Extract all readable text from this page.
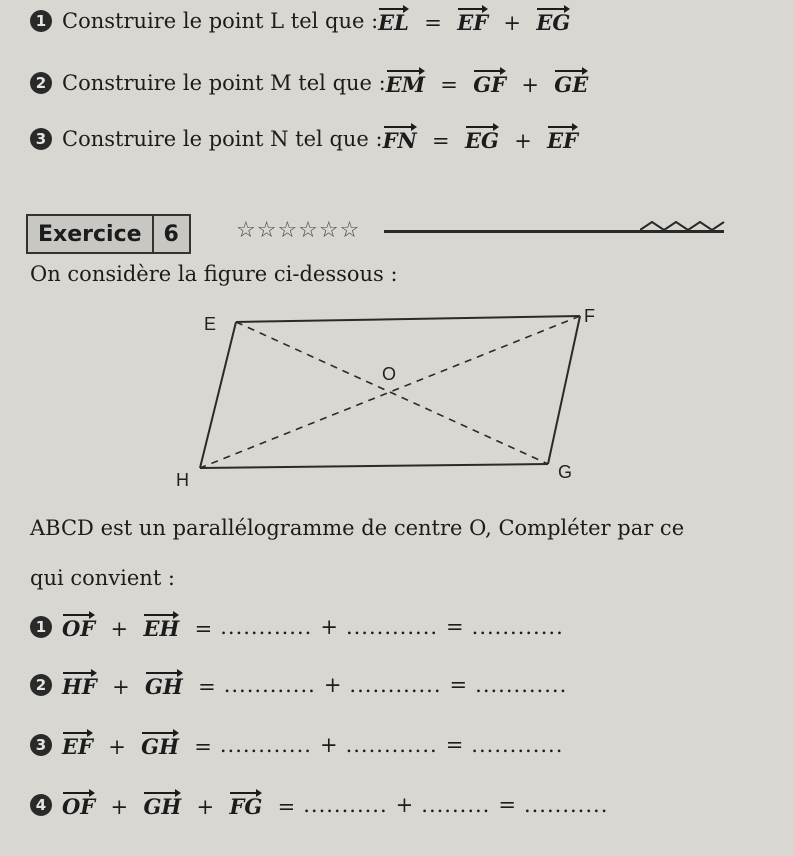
1 Construire le point L tel que : EL = EF + EG
2 Construire le point M tel que : EM = GF + GE
3 Construire le point N tel que : FN = EG + EF
Exercice	6	☆☆☆☆☆☆
On considère la figure ci-dessous :
E	F
G
H
O
ABCD est un parallélogramme de centre O, Compléter par ce
qui convient :
1 OF + EH = ............ + ............ = ............
2 HF + GH = ............ + ............ = ............
3 EF + GH = ............ + ............ = ............
4 OF + GH + FG = ........... + ......... = ...........
